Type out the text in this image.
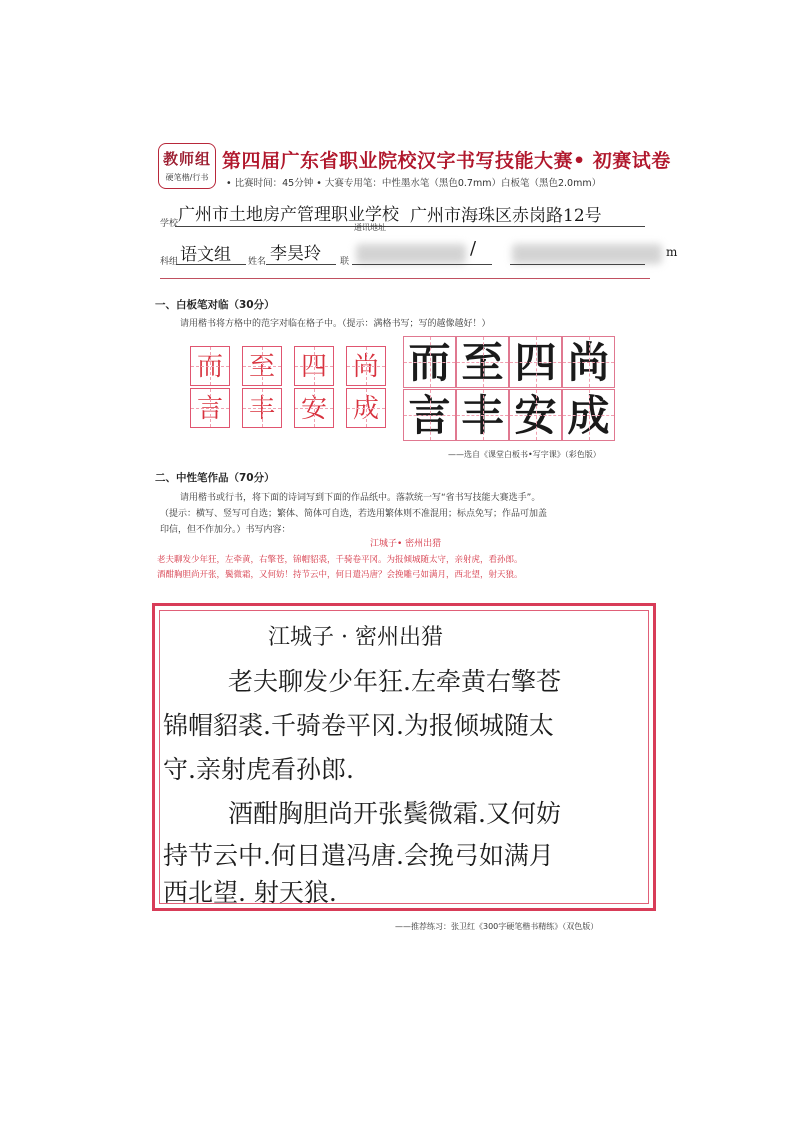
教师组
硬笔楷/行书
第四届广东省职业院校汉字书写技能大赛• 初赛试卷
• 比赛时间：45分钟 • 大赛专用笔：中性墨水笔（黑色0.7mm）白板笔（黑色2.0mm）
学校 广州市土地房产管理职业学校
通讯地址
广州市海珠区赤岗路12号
科组 语文组 姓名 李昊玲 联
/	m
一、白板笔对临（30分）
请用楷书将方格中的范字对临在格子中。（提示：满格书写；写的越像越好！）
而 至 四 尚
言 丰 安 成
而 至 四 尚
言 丰 安 成
——选自《课堂白板书•写字课》（彩色版）
二、中性笔作品（70分）
请用楷书或行书，将下面的诗词写到下面的作品纸中。落款统一写“省书写技能大赛选手”。
（提示：横写、竖写可自选；繁体、简体可自选，若选用繁体则不准混用；标点免写；作品可加盖
印信，但不作加分。）书写内容：
江城子• 密州出猎
老夫聊发少年狂，左牵黄，右擎苍，锦帽貂裘，千骑卷平冈。为报倾城随太守，亲射虎，看孙郎。
酒酣胸胆尚开张，鬓微霜，又何妨！持节云中，何日遣冯唐？会挽雕弓如满月，西北望，射天狼。
江城子 · 密州出猎
老夫聊发少年狂.左牵黄右擎苍
锦帽貂裘.千骑卷平冈.为报倾城随太
守.亲射虎看孙郎.
酒酣胸胆尚开张鬓微霜.又何妨
持节云中.何日遣冯唐.会挽弓如满月
西北望. 射天狼.
——推荐练习：张卫红《300字硬笔楷书精练》（双色版）
